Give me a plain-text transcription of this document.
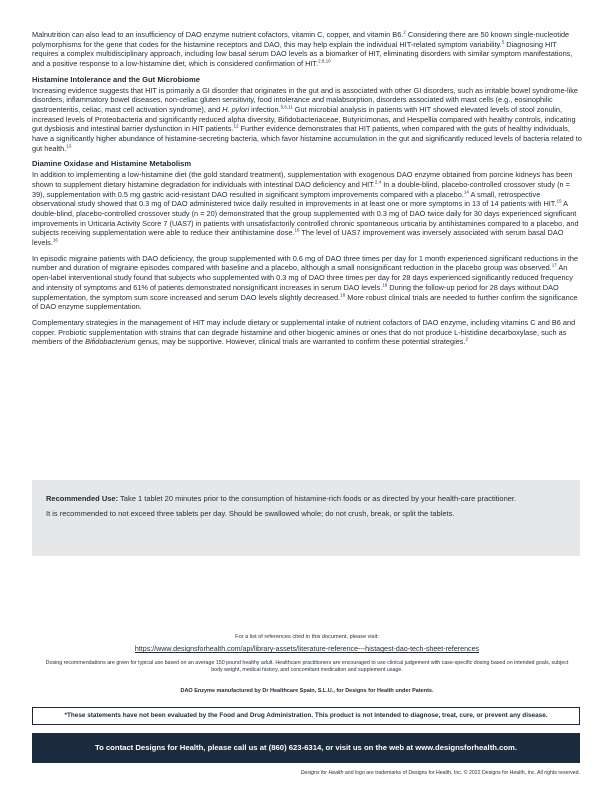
Malnutrition can also lead to an insufficiency of DAO enzyme nutrient cofactors, vitamin C, copper, and vitamin B6.$^2$ Considering there are 50 known single-nucleotide polymorphisms for the gene that codes for the histamine receptors and DAO, this may help explain the individual HIT-related symptom variability.$^5$ Diagnosing HIT requires a complex multidisciplinary approach, including low basal serum DAO levels as a biomarker of HIT, eliminating disorders with similar symptom manifestations, and a positive response to a low-histamine diet, which is considered confirmation of HIT.$^{2,8,10}$

Histamine Intolerance and the Gut Microbiome

Increasing evidence suggests that HIT is primarily a GI disorder that originates in the gut and is associated with other GI disorders, such as irritable bowel syndrome-like disorders, inflammatory bowel diseases, non-celiac gluten sensitivity, food intolerance and malabsorption, disorders associated with mast cells (e.g., eosinophilic gastroenteritis, celiac, mast cell activation syndrome), and H. pylori infection.$^{5,6,11}$ Gut microbial analysis in patients with HIT showed elevated levels of stool zonulin, increased levels of Proteobacteria and significantly reduced alpha diversity, Bifidobacteriaceae, Butyricimonas, and Hespellia compared with healthy controls, indicating gut dysbiosis and intestinal barrier dysfunction in HIT patients.$^{12}$ Further evidence demonstrates that HIT patients, when compared with the guts of healthy individuals, have a significantly higher abundance of histamine-secreting bacteria, which favor histamine accumulation in the gut and significantly reduced levels of bacteria related to gut health.$^{13}$

Diamine Oxidase and Histamine Metabolism

In addition to implementing a low-histamine diet (the gold standard treatment), supplementation with exogenous DAO enzyme obtained from porcine kidneys has been shown to supplement dietary histamine degradation for individuals with intestinal DAO deficiency and HIT.$^{2,4}$ In a double-blind, placebo-controlled crossover study (n = 39), supplementation with 0.5 mg gastric acid-resistant DAO resulted in significant symptom improvements compared with a placebo.$^{14}$ A small, retrospective observational study showed that 0.3 mg of DAO administered twice daily resulted in improvements in at least one or more symptoms in 13 of 14 patients with HIT.$^{15}$ A double-blind, placebo-controlled crossover study (n = 20) demonstrated that the group supplemented with 0.3 mg of DAO twice daily for 30 days experienced significant improvements in Urticaria Activity Score 7 (UAS7) in patients with unsatisfactorily controlled chronic spontaneous urticaria by antihistamines compared to a placebo, and subjects receiving supplementation were able to reduce their antihistamine dose.$^{16}$ The level of UAS7 improvement was inversely associated with serum basal DAO levels.$^{16}$

In episodic migraine patients with DAO deficiency, the group supplemented with 0.6 mg of DAO three times per day for 1 month experienced significant reductions in the number and duration of migraine episodes compared with baseline and a placebo, although a small nonsignificant reduction in the placebo group was observed.$^{17}$ An open-label interventional study found that subjects who supplemented with 0.3 mg of DAO three times per day for 28 days experienced significantly reduced frequency and intensity of symptoms and 61% of patients demonstrated nonsignificant increases in serum DAO levels.$^{18}$ During the follow-up period for 28 days without DAO supplementation, the symptom sum score increased and serum DAO levels slightly decreased.$^{18}$ More robust clinical trials are needed to further confirm the significance of DAO enzyme supplementation.

Complementary strategies in the management of HIT may include dietary or supplemental intake of nutrient cofactors of DAO enzyme, including vitamins C and B6 and copper. Probiotic supplementation with strains that can degrade histamine and other biogenic amines or ones that do not produce L-histidine decarboxylase, such as members of the Bifidobacterium genus, may be supportive. However, clinical trials are warranted to confirm these potential strategies.$^2$

Recommended Use: Take 1 tablet 20 minutes prior to the consumption of histamine-rich foods or as directed by your health-care practitioner.

It is recommended to not exceed three tablets per day. Should be swallowed whole; do not crush, break, or split the tablets.

For a list of references cited in this document, please visit:
https://www.designsforhealth.com/api/library-assets/literature-reference---histagest-dao-tech-sheet-references
Dosing recommendations are given for typical use based on an average 150 pound healthy adult. Healthcare practitioners are encouraged to use clinical judgement with case-specific dosing based on intended goals, subject body weight, medical history, and concomitant medication and supplement usage.
DAO Enzyme manufactured by Dr Healthcare Spain, S.L.U., for Designs for Health under Patents.
*These statements have not been evaluated by the Food and Drug Administration. This product is not intended to diagnose, treat, cure, or prevent any disease.
To contact Designs for Health, please call us at (860) 623-6314, or visit us on the web at www.designsforhealth.com.
Designs for Health and logo are trademarks of Designs for Health, Inc. © 2022 Designs for Health, Inc. All rights reserved.
